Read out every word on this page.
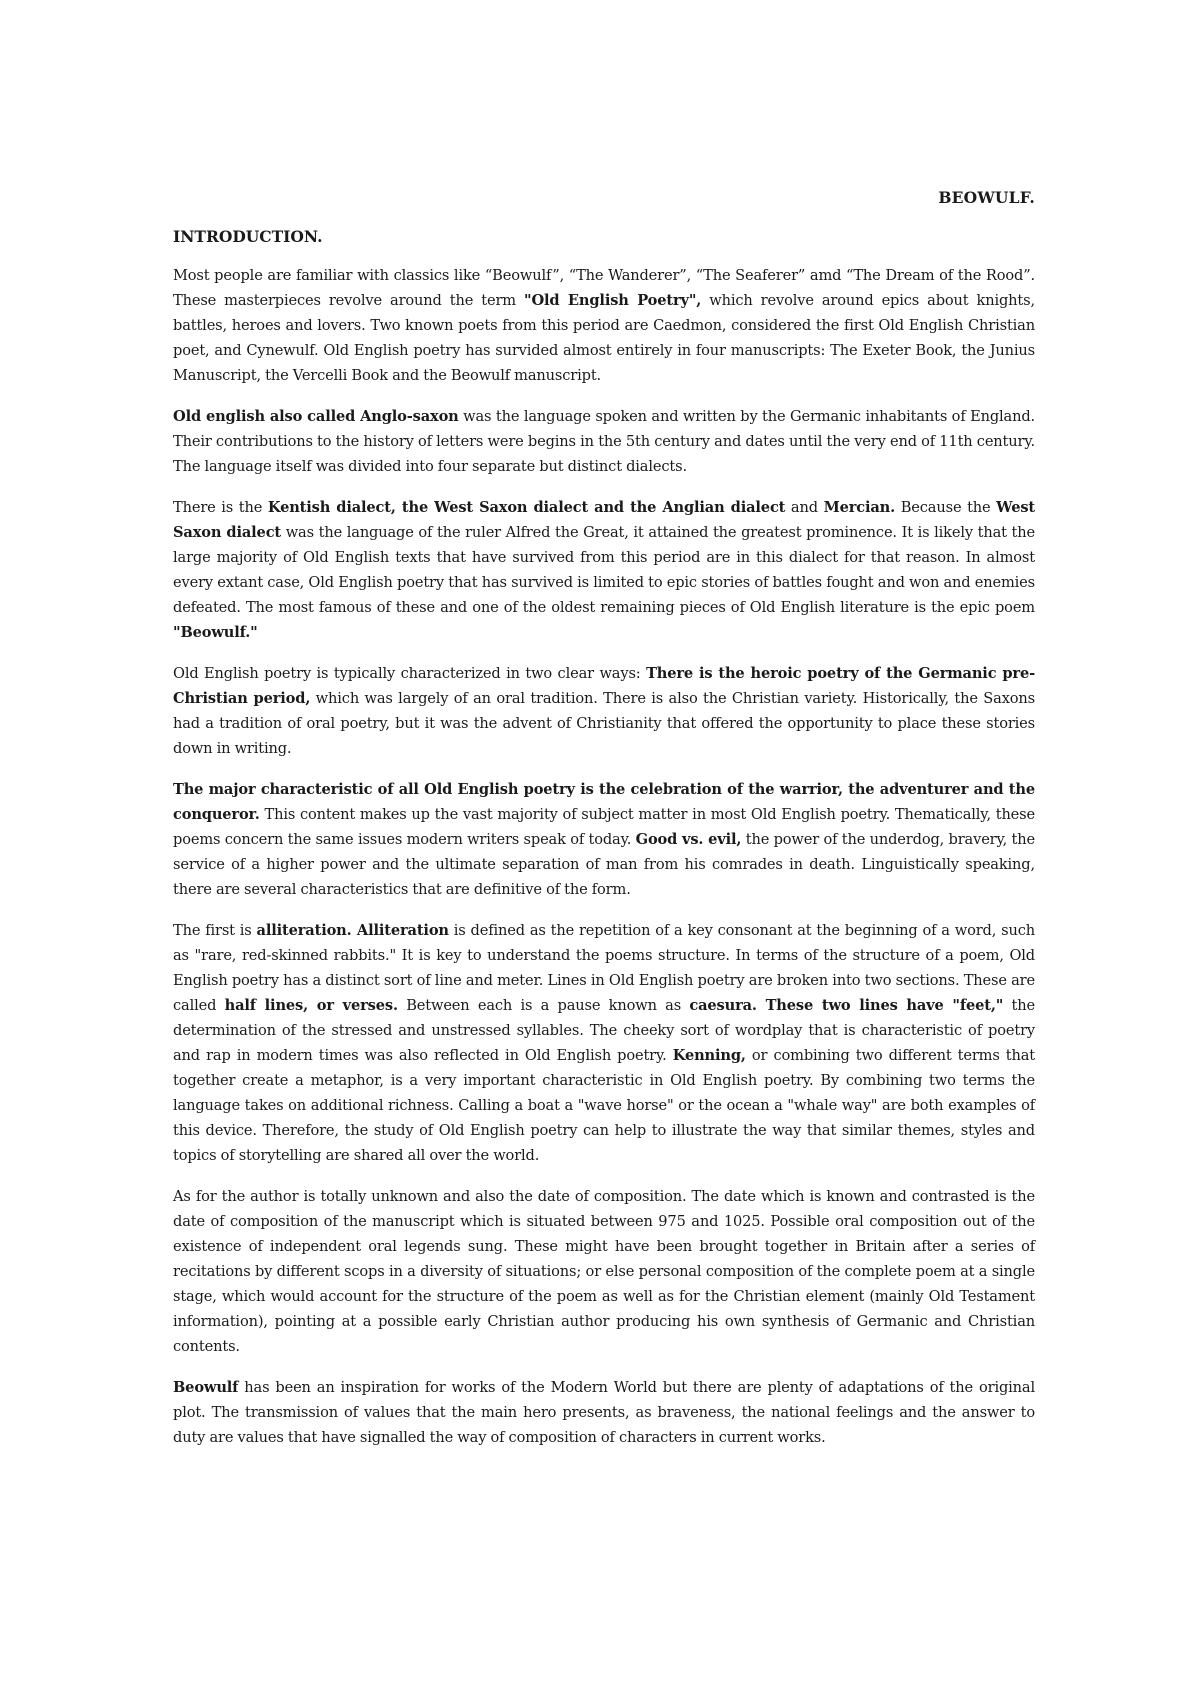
BEOWULF.
INTRODUCTION.

Most people are familiar with classics like “Beowulf”, “The Wanderer”, “The Seaferer” amd “The Dream of the Rood”. These masterpieces revolve around the term "Old English Poetry", which revolve around epics about knights, battles, heroes and lovers. Two known poets from this period are Caedmon, considered the first Old English Christian poet, and Cynewulf. Old English poetry has survided almost entirely in four manuscripts: The Exeter Book, the Junius Manuscript, the Vercelli Book and the Beowulf manuscript.

Old english also called Anglo-saxon was the language spoken and written by the Germanic inhabitants of England. Their contributions to the history of letters were begins in the 5th century and dates until the very end of 11th century. The language itself was divided into four separate but distinct dialects.

There is the Kentish dialect, the West Saxon dialect and the Anglian dialect and Mercian. Because the West Saxon dialect was the language of the ruler Alfred the Great, it attained the greatest prominence. It is likely that the large majority of Old English texts that have survived from this period are in this dialect for that reason. In almost every extant case, Old English poetry that has survived is limited to epic stories of battles fought and won and enemies defeated. The most famous of these and one of the oldest remaining pieces of Old English literature is the epic poem "Beowulf."

Old English poetry is typically characterized in two clear ways: There is the heroic poetry of the Germanic pre-Christian period, which was largely of an oral tradition. There is also the Christian variety. Historically, the Saxons had a tradition of oral poetry, but it was the advent of Christianity that offered the opportunity to place these stories down in writing.

The major characteristic of all Old English poetry is the celebration of the warrior, the adventurer and the conqueror. This content makes up the vast majority of subject matter in most Old English poetry. Thematically, these poems concern the same issues modern writers speak of today. Good vs. evil, the power of the underdog, bravery, the service of a higher power and the ultimate separation of man from his comrades in death. Linguistically speaking, there are several characteristics that are definitive of the form.

The first is alliteration. Alliteration is defined as the repetition of a key consonant at the beginning of a word, such as "rare, red-skinned rabbits." It is key to understand the poems structure. In terms of the structure of a poem, Old English poetry has a distinct sort of line and meter. Lines in Old English poetry are broken into two sections. These are called half lines, or verses. Between each is a pause known as caesura. These two lines have "feet," the determination of the stressed and unstressed syllables. The cheeky sort of wordplay that is characteristic of poetry and rap in modern times was also reflected in Old English poetry. Kenning, or combining two different terms that together create a metaphor, is a very important characteristic in Old English poetry. By combining two terms the language takes on additional richness. Calling a boat a "wave horse" or the ocean a "whale way" are both examples of this device. Therefore, the study of Old English poetry can help to illustrate the way that similar themes, styles and topics of storytelling are shared all over the world.

As for the author is totally unknown and also the date of composition. The date which is known and contrasted is the date of composition of the manuscript which is situated between 975 and 1025. Possible oral composition out of the existence of independent oral legends sung. These might have been brought together in Britain after a series of recitations by different scops in a diversity of situations; or else personal composition of the complete poem at a single stage, which would account for the structure of the poem as well as for the Christian element (mainly Old Testament information), pointing at a possible early Christian author producing his own synthesis of Germanic and Christian contents.

Beowulf has been an inspiration for works of the Modern World but there are plenty of adaptations of the original plot. The transmission of values that the main hero presents, as braveness, the national feelings and the answer to duty are values that have signalled the way of composition of characters in current works.
